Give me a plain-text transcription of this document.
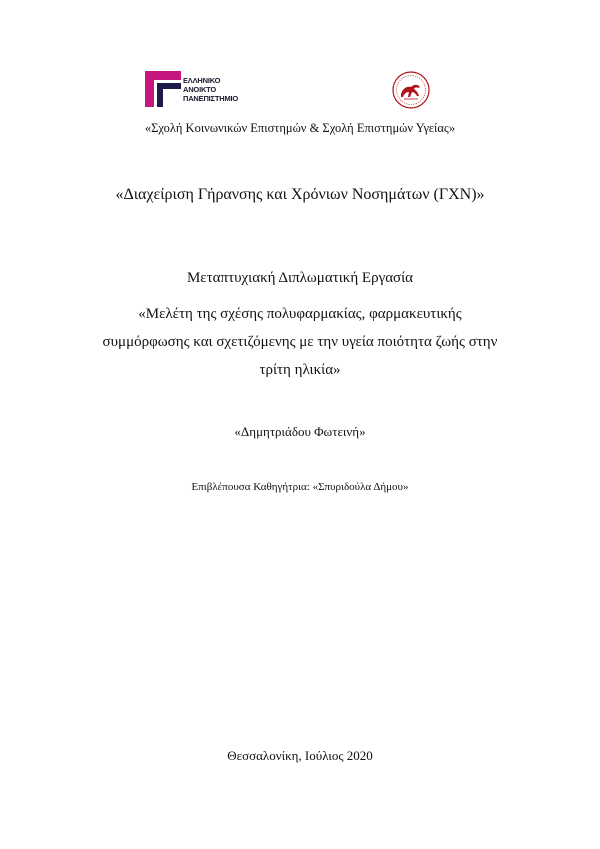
ΕΛΛΗΝΙΚΟ
ΑΝΟΙΚΤΟ
ΠΑΝΕΠΙΣΤΗΜΙΟ
«Σχολή Κοινωνικών Επιστημών & Σχολή Επιστημών Υγείας»
«Διαχείριση Γήρανσης και Χρόνιων Νοσημάτων (ΓΧΝ)»
Μεταπτυχιακή Διπλωματική Εργασία
«Μελέτη της σχέσης πολυφαρμακίας, φαρμακευτικής
συμμόρφωσης και σχετιζόμενης με την υγεία ποιότητα ζωής στην
τρίτη ηλικία»
«Δημητριάδου Φωτεινή»
Επιβλέπουσα Καθηγήτρια: «Σπυριδούλα Δήμου»
Θεσσαλονίκη, Ιούλιος 2020
